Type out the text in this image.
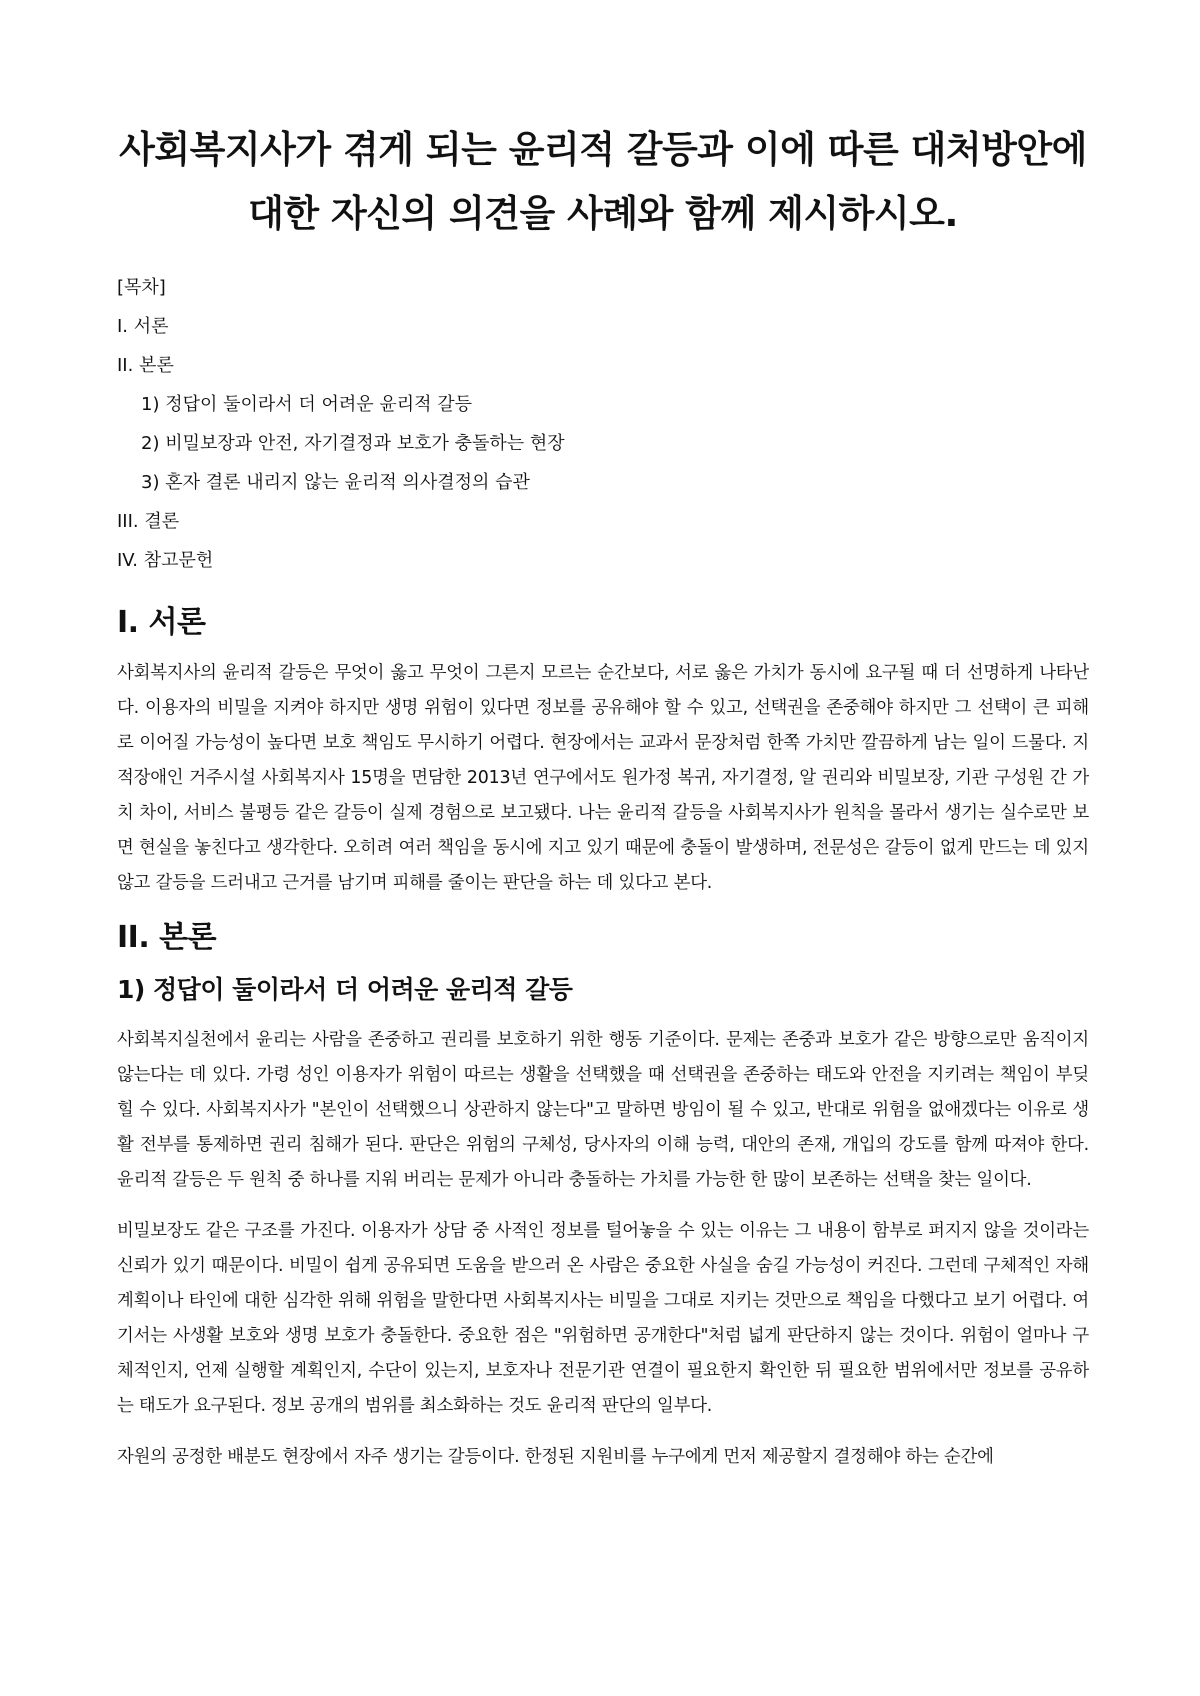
사회복지사가 겪게 되는 윤리적 갈등과 이에 따른 대처방안에 대한 자신의 의견을 사례와 함께 제시하시오.

[목차]

I. 서론

II. 본론

1) 정답이 둘이라서 더 어려운 윤리적 갈등

2) 비밀보장과 안전, 자기결정과 보호가 충돌하는 현장

3) 혼자 결론 내리지 않는 윤리적 의사결정의 습관

III. 결론

IV. 참고문헌

I. 서론

사회복지사의 윤리적 갈등은 무엇이 옳고 무엇이 그른지 모르는 순간보다, 서로 옳은 가치가 동시에 요구될 때 더 선명하게 나타난다. 이용자의 비밀을 지켜야 하지만 생명 위험이 있다면 정보를 공유해야 할 수 있고, 선택권을 존중해야 하지만 그 선택이 큰 피해로 이어질 가능성이 높다면 보호 책임도 무시하기 어렵다. 현장에서는 교과서 문장처럼 한쪽 가치만 깔끔하게 남는 일이 드물다. 지적장애인 거주시설 사회복지사 15명을 면담한 2013년 연구에서도 원가정 복귀, 자기결정, 알 권리와 비밀보장, 기관 구성원 간 가치 차이, 서비스 불평등 같은 갈등이 실제 경험으로 보고됐다. 나는 윤리적 갈등을 사회복지사가 원칙을 몰라서 생기는 실수로만 보면 현실을 놓친다고 생각한다. 오히려 여러 책임을 동시에 지고 있기 때문에 충돌이 발생하며, 전문성은 갈등이 없게 만드는 데 있지 않고 갈등을 드러내고 근거를 남기며 피해를 줄이는 판단을 하는 데 있다고 본다.

II. 본론
1) 정답이 둘이라서 더 어려운 윤리적 갈등

사회복지실천에서 윤리는 사람을 존중하고 권리를 보호하기 위한 행동 기준이다. 문제는 존중과 보호가 같은 방향으로만 움직이지 않는다는 데 있다. 가령 성인 이용자가 위험이 따르는 생활을 선택했을 때 선택권을 존중하는 태도와 안전을 지키려는 책임이 부딪힐 수 있다. 사회복지사가 "본인이 선택했으니 상관하지 않는다"고 말하면 방임이 될 수 있고, 반대로 위험을 없애겠다는 이유로 생활 전부를 통제하면 권리 침해가 된다. 판단은 위험의 구체성, 당사자의 이해 능력, 대안의 존재, 개입의 강도를 함께 따져야 한다. 윤리적 갈등은 두 원칙 중 하나를 지워 버리는 문제가 아니라 충돌하는 가치를 가능한 한 많이 보존하는 선택을 찾는 일이다.

비밀보장도 같은 구조를 가진다. 이용자가 상담 중 사적인 정보를 털어놓을 수 있는 이유는 그 내용이 함부로 퍼지지 않을 것이라는 신뢰가 있기 때문이다. 비밀이 쉽게 공유되면 도움을 받으러 온 사람은 중요한 사실을 숨길 가능성이 커진다. 그런데 구체적인 자해 계획이나 타인에 대한 심각한 위해 위험을 말한다면 사회복지사는 비밀을 그대로 지키는 것만으로 책임을 다했다고 보기 어렵다. 여기서는 사생활 보호와 생명 보호가 충돌한다. 중요한 점은 "위험하면 공개한다"처럼 넓게 판단하지 않는 것이다. 위험이 얼마나 구체적인지, 언제 실행할 계획인지, 수단이 있는지, 보호자나 전문기관 연결이 필요한지 확인한 뒤 필요한 범위에서만 정보를 공유하는 태도가 요구된다. 정보 공개의 범위를 최소화하는 것도 윤리적 판단의 일부다.

자원의 공정한 배분도 현장에서 자주 생기는 갈등이다. 한정된 지원비를 누구에게 먼저 제공할지 결정해야 하는 순간에
